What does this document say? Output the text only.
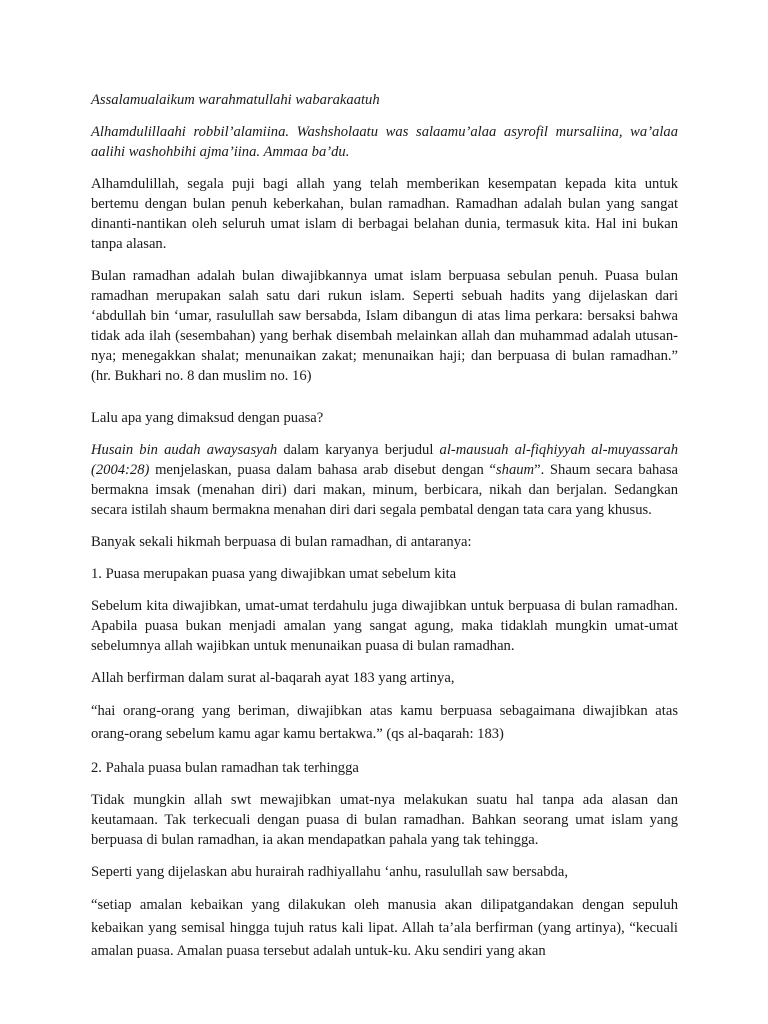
Assalamualaikum warahmatullahi wabarakaatuh

Alhamdulillaahi robbil’alamiina. Washsholaatu was salaamu’alaa asyrofil mursaliina, wa’alaa aalihi washohbihi ajma’iina. Ammaa ba’du.

Alhamdulillah, segala puji bagi allah yang telah memberikan kesempatan kepada kita untuk bertemu dengan bulan penuh keberkahan, bulan ramadhan. Ramadhan adalah bulan yang sangat dinanti-nantikan oleh seluruh umat islam di berbagai belahan dunia, termasuk kita. Hal ini bukan tanpa alasan.

Bulan ramadhan adalah bulan diwajibkannya umat islam berpuasa sebulan penuh. Puasa bulan ramadhan merupakan salah satu dari rukun islam. Seperti sebuah hadits yang dijelaskan dari ‘abdullah bin ‘umar, rasulullah saw bersabda, Islam dibangun di atas lima perkara: bersaksi bahwa tidak ada ilah (sesembahan) yang berhak disembah melainkan allah dan muhammad adalah utusan-nya; menegakkan shalat; menunaikan zakat; menunaikan haji; dan berpuasa di bulan ramadhan.” (hr. Bukhari no. 8 dan muslim no. 16)

Lalu apa yang dimaksud dengan puasa?

Husain bin audah awaysasyah dalam karyanya berjudul al-mausuah al-fiqhiyyah al-muyassarah (2004:28) menjelaskan, puasa dalam bahasa arab disebut dengan “shaum”. Shaum secara bahasa bermakna imsak (menahan diri) dari makan, minum, berbicara, nikah dan berjalan. Sedangkan secara istilah shaum bermakna menahan diri dari segala pembatal dengan tata cara yang khusus.

Banyak sekali hikmah berpuasa di bulan ramadhan, di antaranya:

1. Puasa merupakan puasa yang diwajibkan umat sebelum kita

Sebelum kita diwajibkan, umat-umat terdahulu juga diwajibkan untuk berpuasa di bulan ramadhan. Apabila puasa bukan menjadi amalan yang sangat agung, maka tidaklah mungkin umat-umat sebelumnya allah wajibkan untuk menunaikan puasa di bulan ramadhan.

Allah berfirman dalam surat al-baqarah ayat 183 yang artinya,

“hai orang-orang yang beriman, diwajibkan atas kamu berpuasa sebagaimana diwajibkan atas orang-orang sebelum kamu agar kamu bertakwa.” (qs al-baqarah: 183)

2. Pahala puasa bulan ramadhan tak terhingga

Tidak mungkin allah swt mewajibkan umat-nya melakukan suatu hal tanpa ada alasan dan keutamaan. Tak terkecuali dengan puasa di bulan ramadhan. Bahkan seorang umat islam yang berpuasa di bulan ramadhan, ia akan mendapatkan pahala yang tak tehingga.

Seperti yang dijelaskan abu hurairah radhiyallahu ‘anhu, rasulullah saw bersabda,

“setiap amalan kebaikan yang dilakukan oleh manusia akan dilipatgandakan dengan sepuluh kebaikan yang semisal hingga tujuh ratus kali lipat. Allah ta’ala berfirman (yang artinya), “kecuali amalan puasa. Amalan puasa tersebut adalah untuk-ku. Aku sendiri yang akan
